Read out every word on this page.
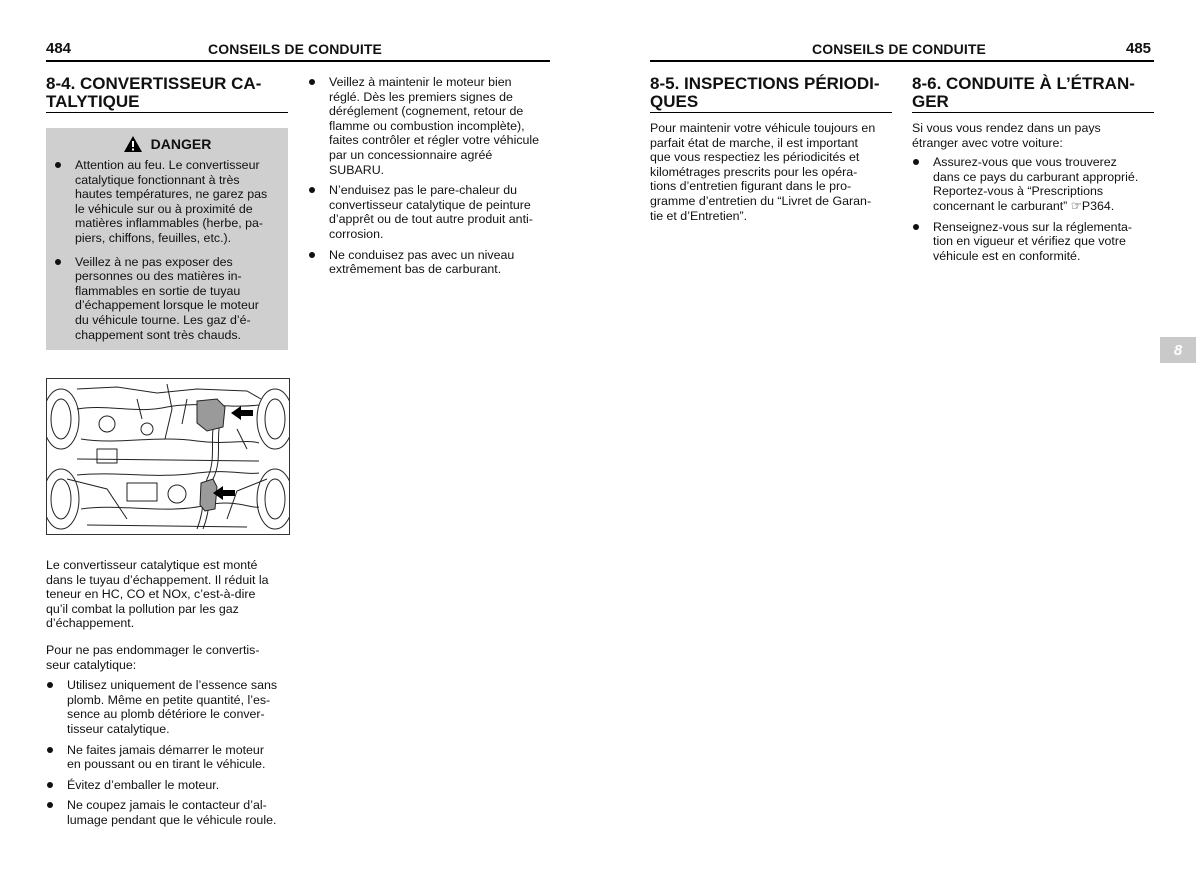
484	CONSEILS DE CONDUITE
8-4. CONVERTISSEUR CA-
TALYTIQUE
DANGER
Attention au feu. Le convertisseur
catalytique fonctionnant à très
hautes températures, ne garez pas
le véhicule sur ou à proximité de
matières inflammables (herbe, pa-
piers, chiffons, feuilles, etc.).
Veillez à ne pas exposer des
personnes ou des matières in-
flammables en sortie de tuyau
d’échappement lorsque le moteur
du véhicule tourne. Les gaz d’é-
chappement sont très chauds.

Le convertisseur catalytique est monté
dans le tuyau d’échappement. Il réduit la
teneur en HC, CO et NOx, c’est-à-dire
qu’il combat la pollution par les gaz
d’échappement.

Pour ne pas endommager le convertis-
seur catalytique:

Utilisez uniquement de l’essence sans
plomb. Même en petite quantité, l’es-
sence au plomb détériore le conver-
tisseur catalytique.
Ne faites jamais démarrer le moteur
en poussant ou en tirant le véhicule.
Évitez d’emballer le moteur.
Ne coupez jamais le contacteur d’al-
lumage pendant que le véhicule roule.
Veillez à maintenir le moteur bien
réglé. Dès les premiers signes de
déréglement (cognement, retour de
flamme ou combustion incomplète),
faites contrôler et régler votre véhicule
par un concessionnaire agréé
SUBARU.
N’enduisez pas le pare-chaleur du
convertisseur catalytique de peinture
d’apprêt ou de tout autre produit anti-
corrosion.
Ne conduisez pas avec un niveau
extrêmement bas de carburant.
CONSEILS DE CONDUITE	485
8-5. INSPECTIONS PÉRIODI-
QUES

Pour maintenir votre véhicule toujours en
parfait état de marche, il est important
que vous respectiez les périodicités et
kilométrages prescrits pour les opéra-
tions d’entretien figurant dans le pro-
gramme d’entretien du “Livret de Garan-
tie et d’Entretien”.

8-6. CONDUITE À L’ÉTRAN-
GER

Si vous vous rendez dans un pays
étranger avec votre voiture:

Assurez-vous que vous trouverez
dans ce pays du carburant approprié.
Reportez-vous à “Prescriptions
concernant le carburant” ☞P364.
Renseignez-vous sur la réglementa-
tion en vigueur et vérifiez que votre
véhicule est en conformité.
8
